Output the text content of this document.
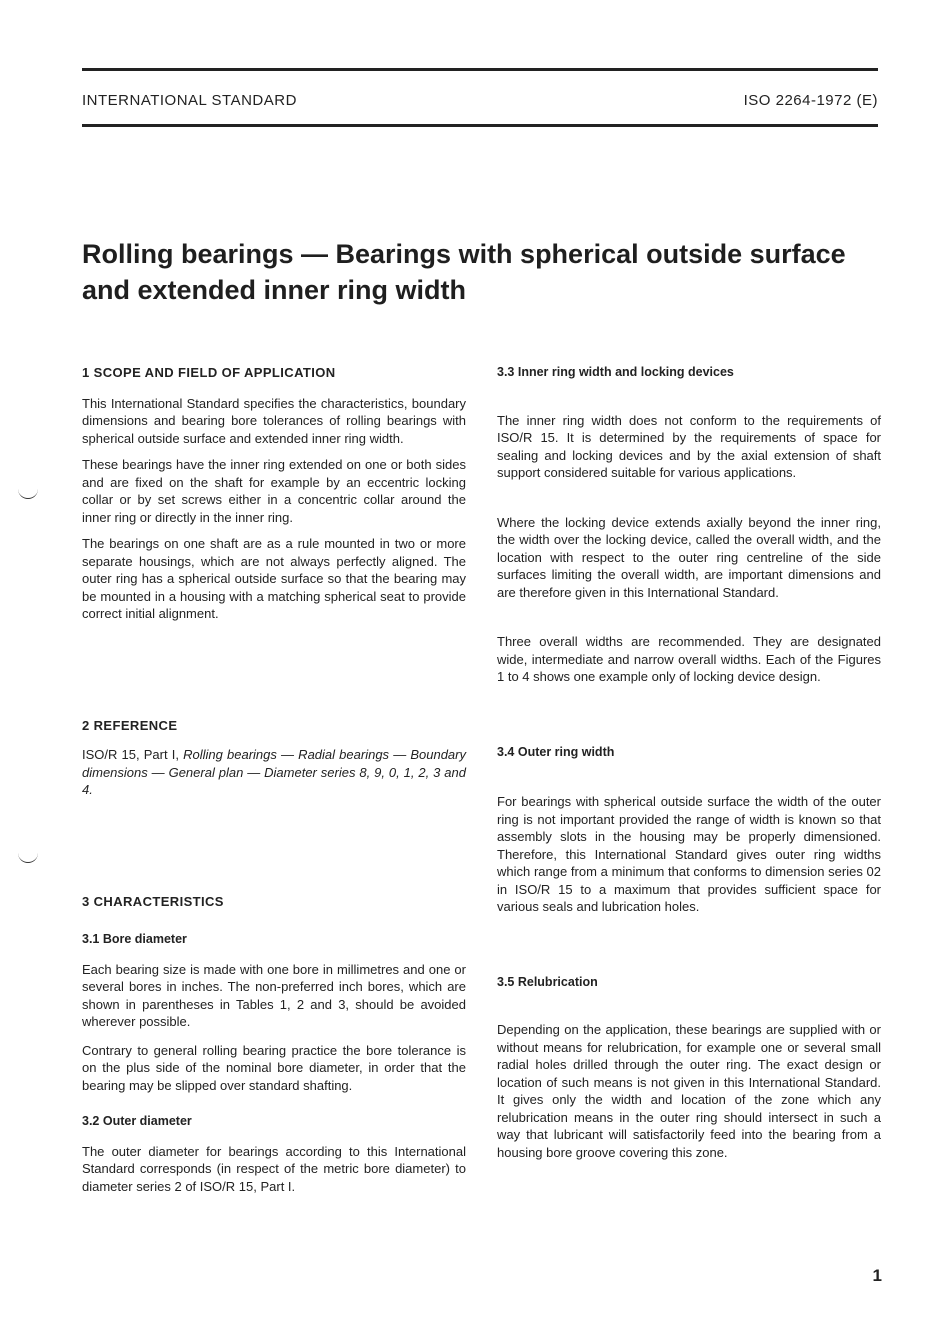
INTERNATIONAL STANDARD	ISO 2264-1972 (E)
Rolling bearings — Bearings with spherical outside surface
and extended inner ring width
1 SCOPE AND FIELD OF APPLICATION

This International Standard specifies the characteristics, boundary dimensions and bearing bore tolerances of rolling bearings with spherical outside surface and extended inner ring width.

These bearings have the inner ring extended on one or both sides and are fixed on the shaft for example by an eccentric locking collar or by set screws either in a concentric collar around the inner ring or directly in the inner ring.

The bearings on one shaft are as a rule mounted in two or more separate housings, which are not always perfectly aligned. The outer ring has a spherical outside surface so that the bearing may be mounted in a housing with a matching spherical seat to provide correct initial alignment.

2 REFERENCE

ISO/R 15, Part I, Rolling bearings — Radial bearings — Boundary dimensions — General plan — Diameter series 8, 9, 0, 1, 2, 3 and 4.

3 CHARACTERISTICS
3.1 Bore diameter

Each bearing size is made with one bore in millimetres and one or several bores in inches. The non-preferred inch bores, which are shown in parentheses in Tables 1, 2 and 3, should be avoided wherever possible.

Contrary to general rolling bearing practice the bore tolerance is on the plus side of the nominal bore diameter, in order that the bearing may be slipped over standard shafting.

3.2 Outer diameter

The outer diameter for bearings according to this International Standard corresponds (in respect of the metric bore diameter) to diameter series 2 of ISO/R 15, Part I.

3.3 Inner ring width and locking devices

The inner ring width does not conform to the requirements of ISO/R 15. It is determined by the requirements of space for sealing and locking devices and by the axial extension of shaft support considered suitable for various applications.

Where the locking device extends axially beyond the inner ring, the width over the locking device, called the overall width, and the location with respect to the outer ring centreline of the side surfaces limiting the overall width, are important dimensions and are therefore given in this International Standard.

Three overall widths are recommended. They are designated wide, intermediate and narrow overall widths. Each of the Figures 1 to 4 shows one example only of locking device design.

3.4 Outer ring width

For bearings with spherical outside surface the width of the outer ring is not important provided the range of width is known so that assembly slots in the housing may be properly dimensioned. Therefore, this International Standard gives outer ring widths which range from a minimum that conforms to dimension series 02 in ISO/R 15 to a maximum that provides sufficient space for various seals and lubrication holes.

3.5 Relubrication

Depending on the application, these bearings are supplied with or without means for relubrication, for example one or several small radial holes drilled through the outer ring. The exact design or location of such means is not given in this International Standard. It gives only the width and location of the zone which any relubrication means in the outer ring should intersect in such a way that lubricant will satisfactorily feed into the bearing from a housing bore groove covering this zone.

1
